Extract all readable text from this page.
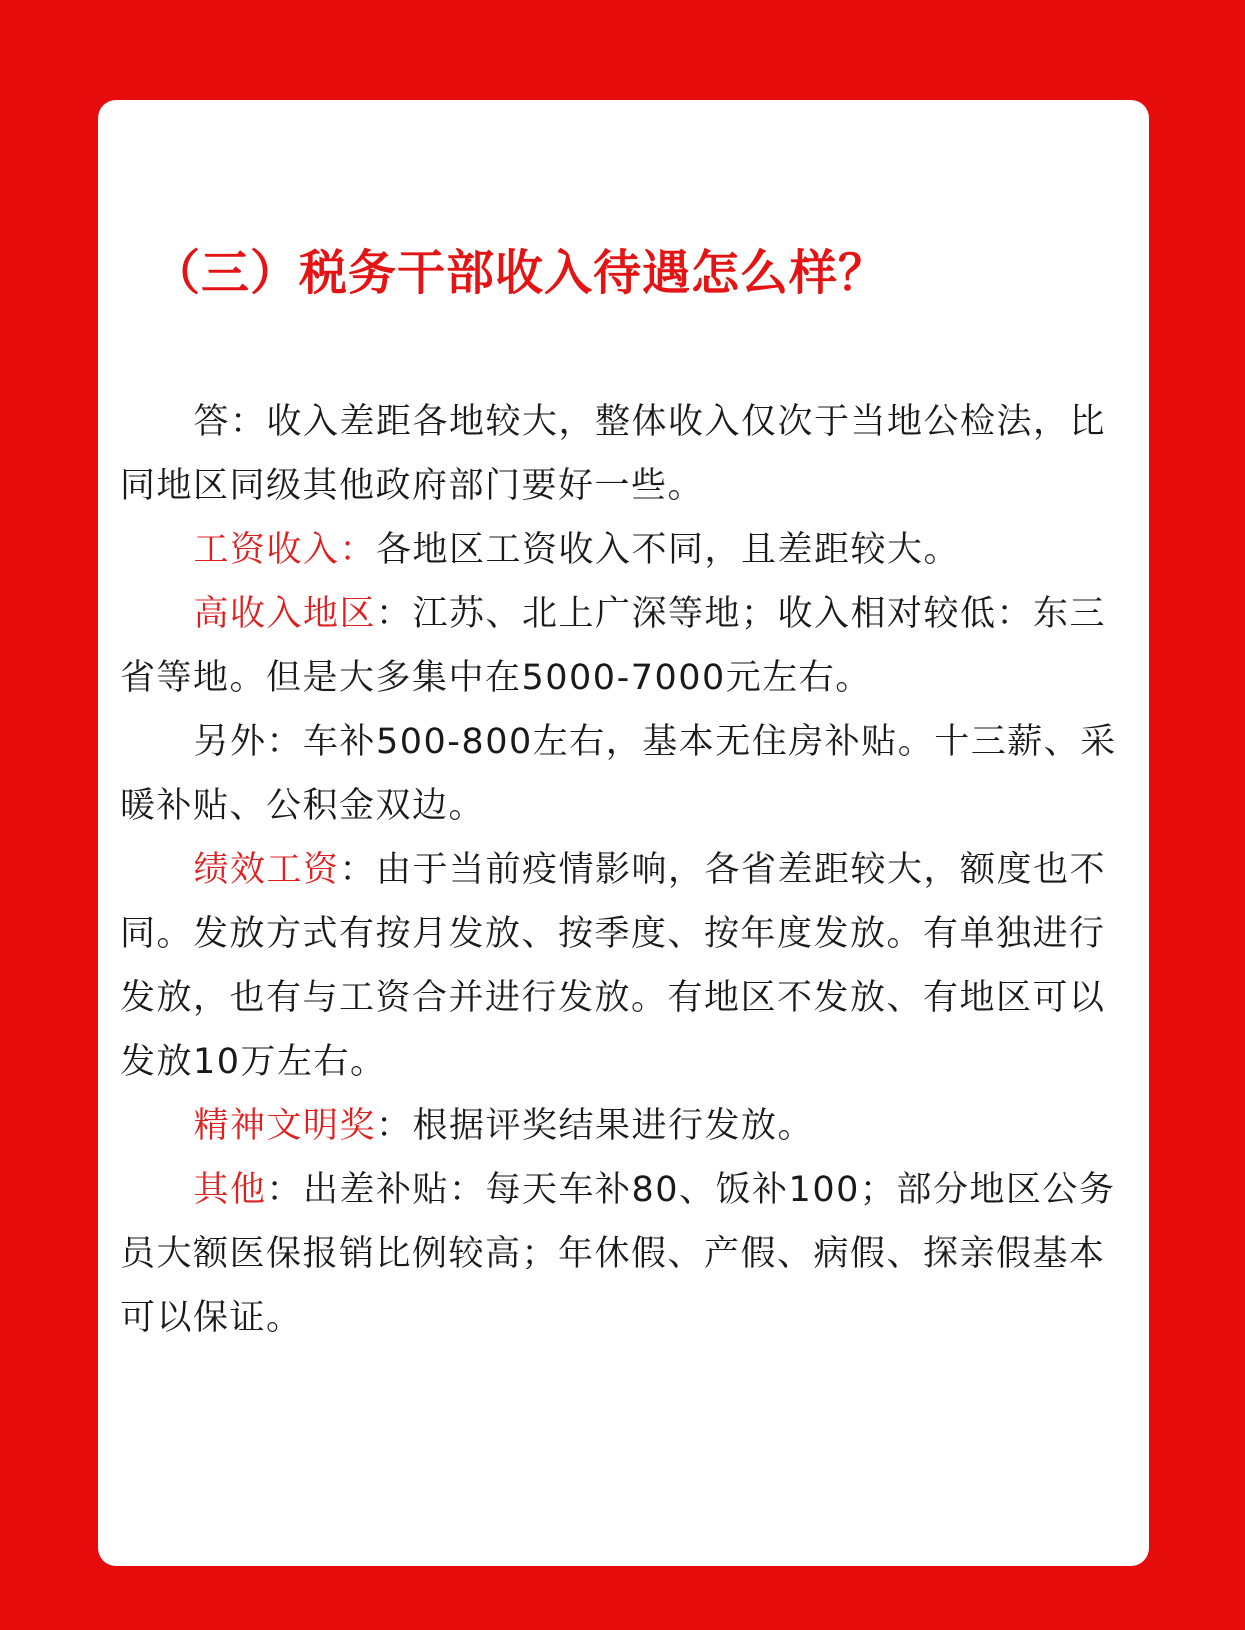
（三）税务干部收入待遇怎么样？

答：收入差距各地较大，整体收入仅次于当地公检法，比同地区同级其他政府部门要好一些。

工资收入：各地区工资收入不同，且差距较大。

高收入地区：江苏、北上广深等地；收入相对较低：东三省等地。但是大多集中在5000-7000元左右。

另外：车补500-800左右，基本无住房补贴。十三薪、采暖补贴、公积金双边。

绩效工资：由于当前疫情影响，各省差距较大，额度也不同。发放方式有按月发放、按季度、按年度发放。有单独进行发放，也有与工资合并进行发放。有地区不发放、有地区可以发放10万左右。

精神文明奖：根据评奖结果进行发放。

其他：出差补贴：每天车补80、饭补100；部分地区公务员大额医保报销比例较高；年休假、产假、病假、探亲假基本可以保证。
